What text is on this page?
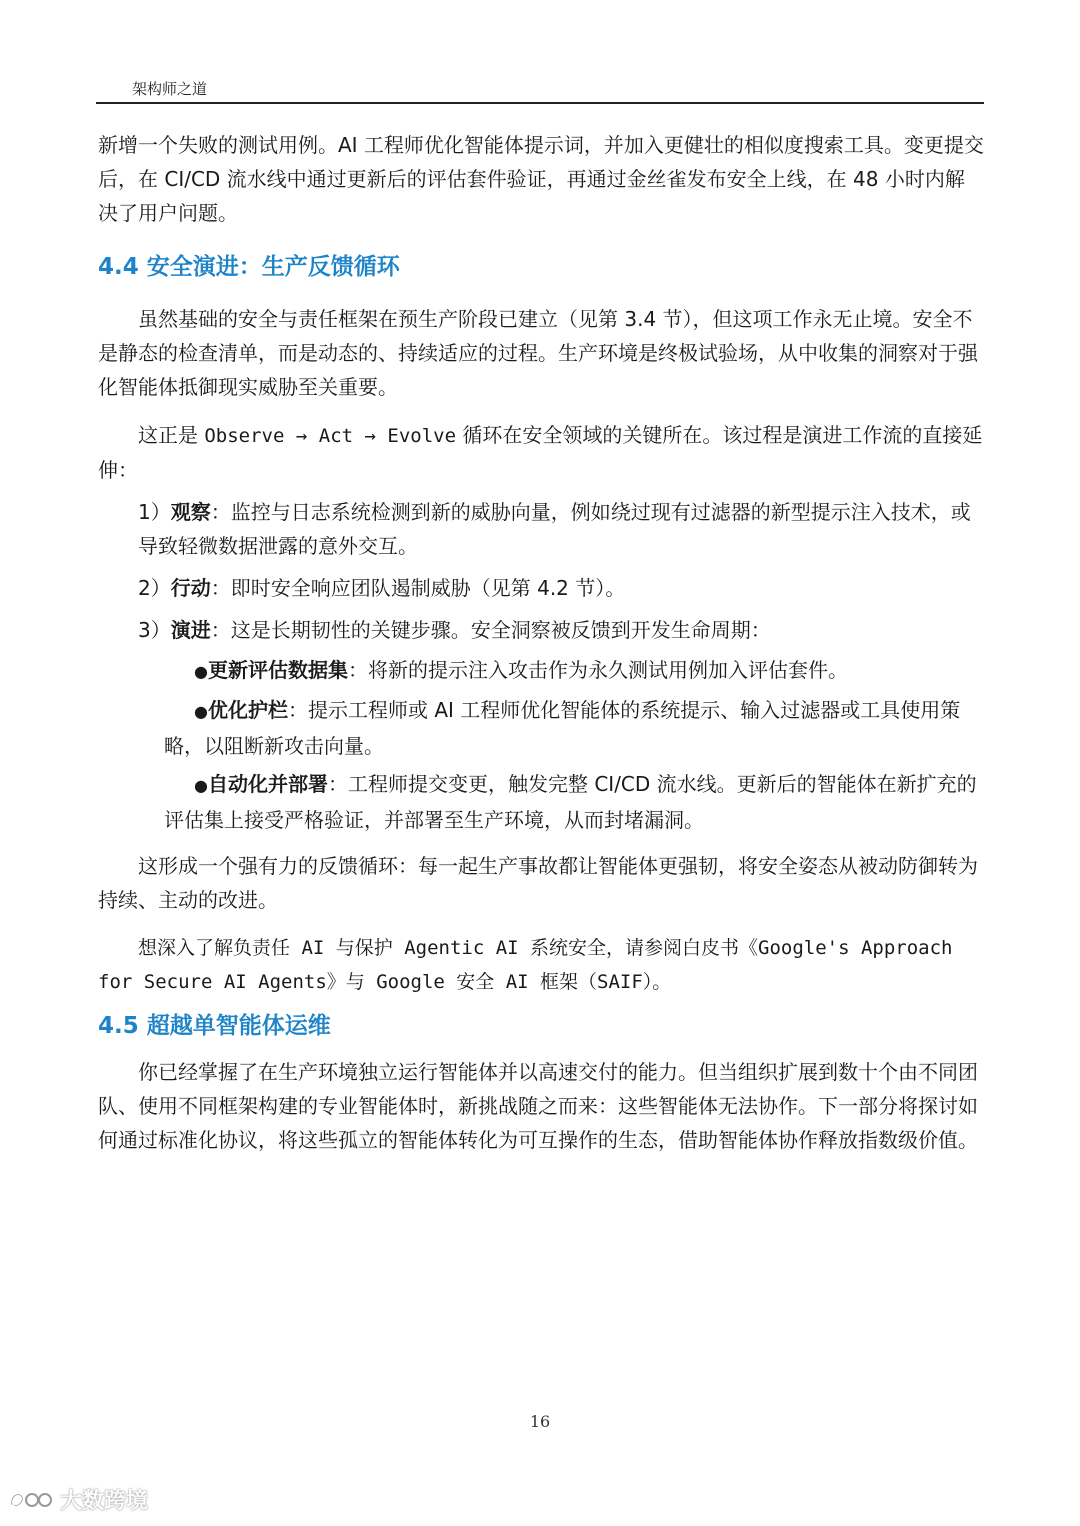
架构师之道

新增一个失败的测试用例。AI 工程师优化智能体提示词，并加入更健壮的相似度搜索工具。变更提交后，在 CI/CD 流水线中通过更新后的评估套件验证，再通过金丝雀发布安全上线，在 48 小时内解决了用户问题。

4.4 安全演进：生产反馈循环

虽然基础的安全与责任框架在预生产阶段已建立（见第 3.4 节），但这项工作永无止境。安全不是静态的检查清单，而是动态的、持续适应的过程。生产环境是终极试验场，从中收集的洞察对于强化智能体抵御现实威胁至关重要。

这正是 Observe → Act → Evolve 循环在安全领域的关键所在。该过程是演进工作流的直接延伸：

1）观察：监控与日志系统检测到新的威胁向量，例如绕过现有过滤器的新型提示注入技术，或导致轻微数据泄露的意外交互。

2）行动：即时安全响应团队遏制威胁（见第 4.2 节）。

3）演进：这是长期韧性的关键步骤。安全洞察被反馈到开发生命周期：

●更新评估数据集：将新的提示注入攻击作为永久测试用例加入评估套件。

●优化护栏：提示工程师或 AI 工程师优化智能体的系统提示、输入过滤器或工具使用策略，以阻断新攻击向量。

●自动化并部署：工程师提交变更，触发完整 CI/CD 流水线。更新后的智能体在新扩充的评估集上接受严格验证，并部署至生产环境，从而封堵漏洞。

这形成一个强有力的反馈循环：每一起生产事故都让智能体更强韧，将安全姿态从被动防御转为持续、主动的改进。

想深入了解负责任 AI 与保护 Agentic AI 系统安全，请参阅白皮书《Google's Approach for Secure AI Agents》与 Google 安全 AI 框架（SAIF）。

4.5 超越单智能体运维

你已经掌握了在生产环境独立运行智能体并以高速交付的能力。但当组织扩展到数十个由不同团队、使用不同框架构建的专业智能体时，新挑战随之而来：这些智能体无法协作。下一部分将探讨如何通过标准化协议，将这些孤立的智能体转化为可互操作的生态，借助智能体协作释放指数级价值。

16
大数跨境
